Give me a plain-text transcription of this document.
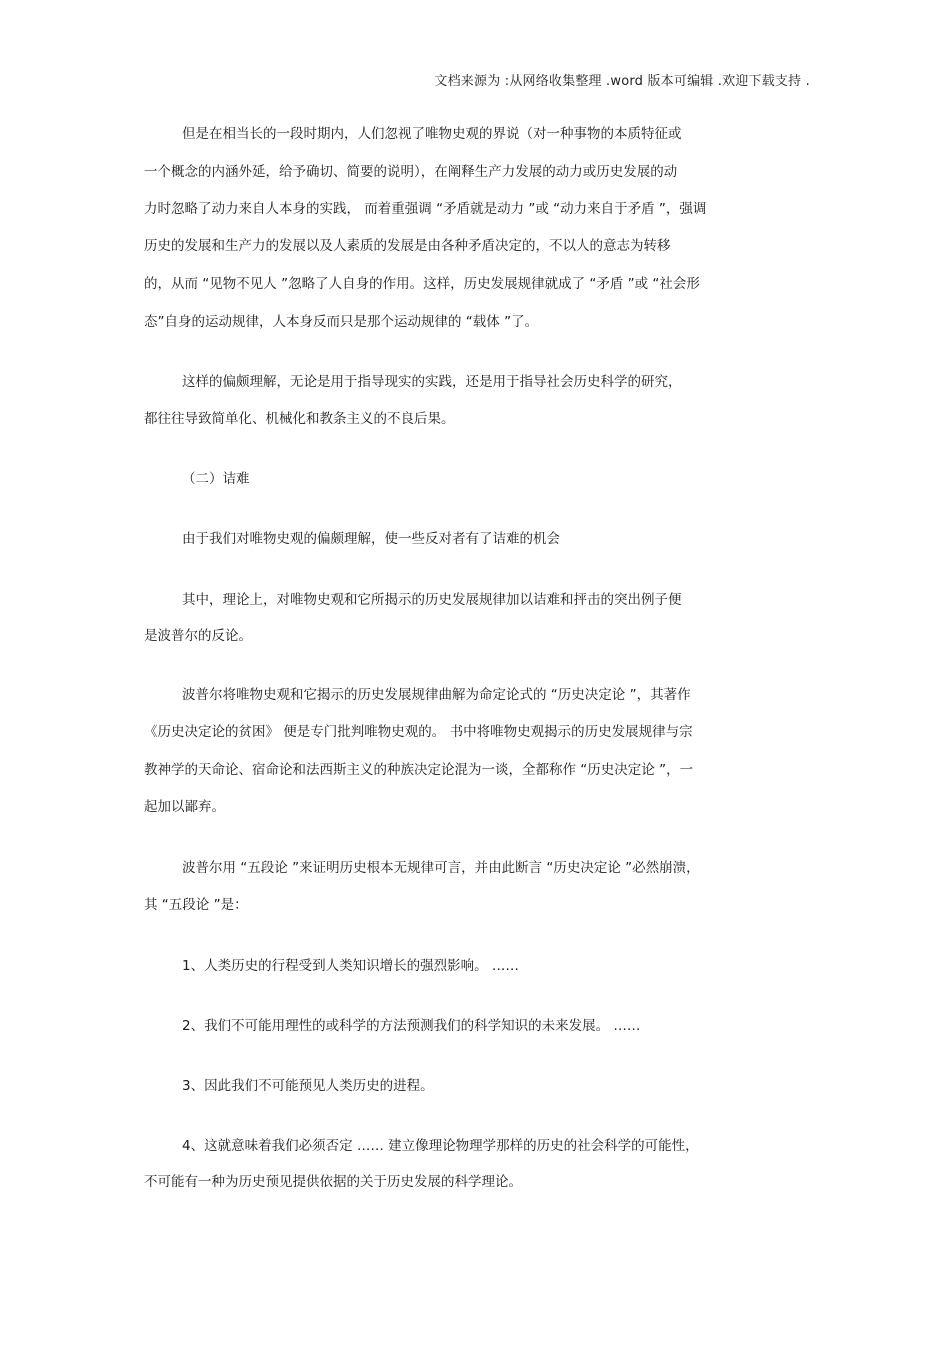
文档来源为 :从网络收集整理 .word 版本可编辑 .欢迎下载支持 .
但是在相当长的一段时期内，人们忽视了唯物史观的界说（对一种事物的本质特征或
一个概念的内涵外延，给予确切、简要的说明），在阐释生产力发展的动力或历史发展的动
力时忽略了动力来自人本身的实践， 而着重强调 “矛盾就是动力 ”或 “动力来自于矛盾 ”，强调
历史的发展和生产力的发展以及人素质的发展是由各种矛盾决定的，不以人的意志为转移
的，从而 “见物不见人 ”忽略了人自身的作用。这样，历史发展规律就成了 “矛盾 ”或 “社会形
态”自身的运动规律，人本身反而只是那个运动规律的 “载体 ”了。
这样的偏颇理解，无论是用于指导现实的实践，还是用于指导社会历史科学的研究，
都往往导致简单化、机械化和教条主义的不良后果。
（二）诘难
由于我们对唯物史观的偏颇理解，使一些反对者有了诘难的机会
其中，理论上，对唯物史观和它所揭示的历史发展规律加以诘难和抨击的突出例子便
是波普尔的反论。
波普尔将唯物史观和它揭示的历史发展规律曲解为命定论式的 “历史决定论 ”，其著作
《历史决定论的贫困》 便是专门批判唯物史观的。 书中将唯物史观揭示的历史发展规律与宗
教神学的天命论、宿命论和法西斯主义的种族决定论混为一谈，全都称作 “历史决定论 ”，一
起加以鄙弃。
波普尔用 “五段论 ”来证明历史根本无规律可言，并由此断言 “历史决定论 ”必然崩溃，
其 “五段论 ”是：
1、人类历史的行程受到人类知识增长的强烈影响。 ……
2、我们不可能用理性的或科学的方法预测我们的科学知识的未来发展。 ……
3、因此我们不可能预见人类历史的进程。
4、这就意味着我们必须否定 …… 建立像理论物理学那样的历史的社会科学的可能性，
不可能有一种为历史预见提供依据的关于历史发展的科学理论。
